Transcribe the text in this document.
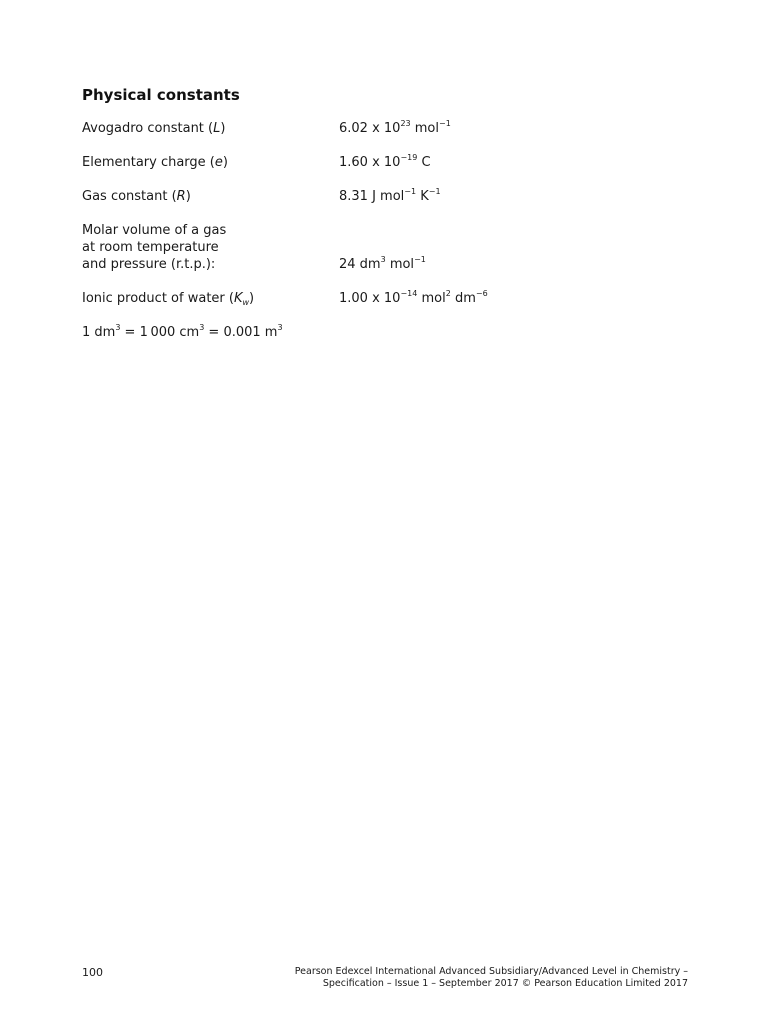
Physical constants
Avogadro constant (L)	6.02 x $10^{23}$ mol$^{-1}$
Elementary charge (e)	1.60 x $10^{-19}$ C
Gas constant (R)	8.31 J mol$^{-1}$ $K^{-1}$
Molar volume of a gas
at room temperature
and pressure (r.t.p.):	24 $dm^3$ mol$^{-1}$
Ionic product of water $(K_w)$	1.00 x $10^{-14}$ mol$^2$ $dm^{-6}$
1 $dm^3 = 1$ 000 $cm^3 = 0.001$ $m^3$
100	Pearson Edexcel International Advanced Subsidiary/Advanced Level in Chemistry –
Specification – Issue 1 – September 2017 © Pearson Education Limited 2017
